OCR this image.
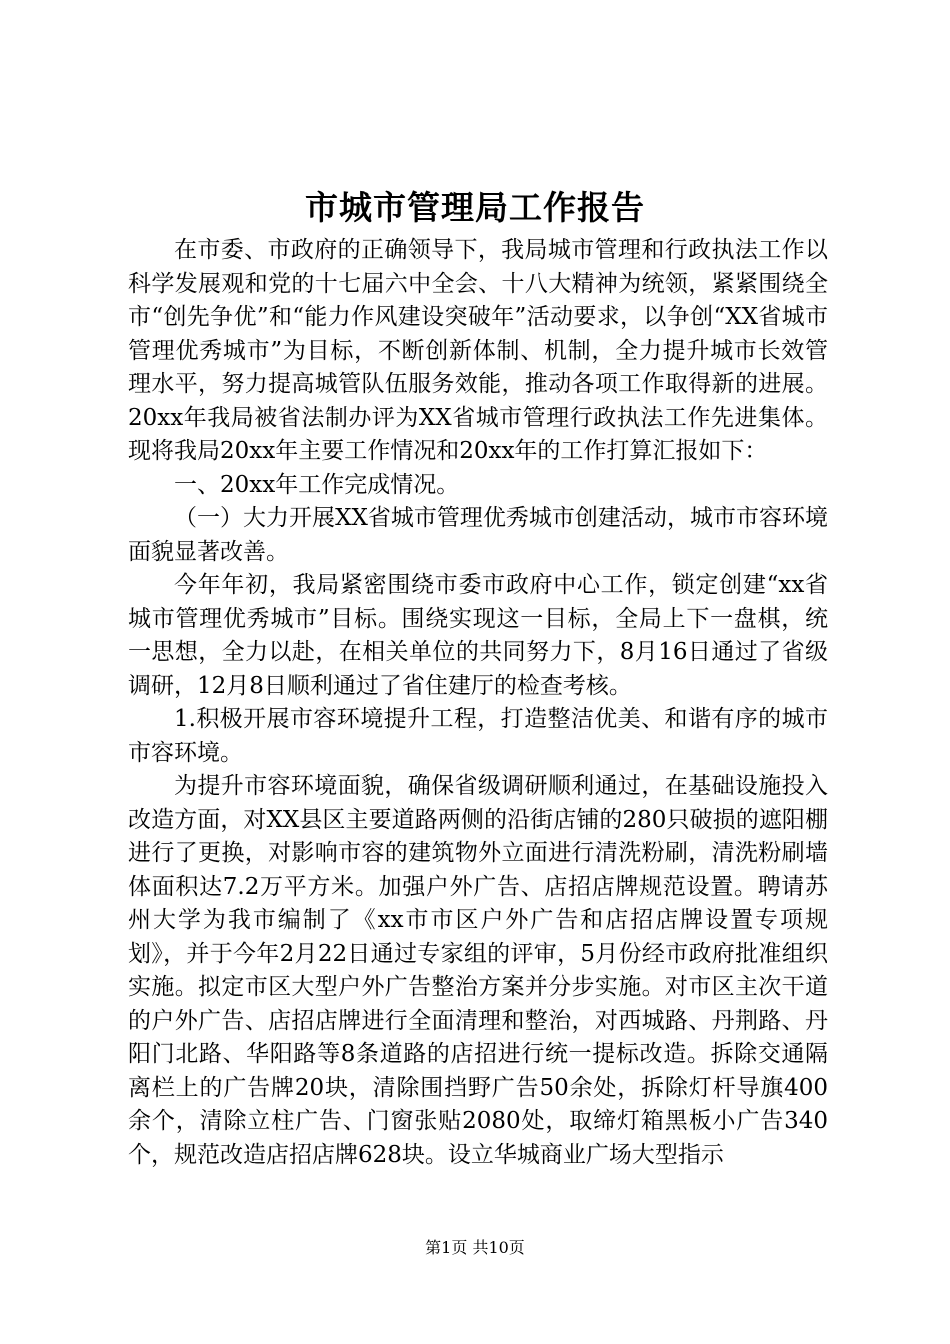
市城市管理局工作报告

在市委、市政府的正确领导下，我局城市管理和行政执法工作以科学发展观和党的十七届六中全会、十八大精神为统领，紧紧围绕全市“创先争优”和“能力作风建设突破年”活动要求，以争创“XX省城市管理优秀城市”为目标，不断创新体制、机制，全力提升城市长效管理水平，努力提高城管队伍服务效能，推动各项工作取得新的进展。20xx年我局被省法制办评为XX省城市管理行政执法工作先进集体。现将我局20xx年主要工作情况和20xx年的工作打算汇报如下：

一、20xx年工作完成情况。

（一）大力开展XX省城市管理优秀城市创建活动，城市市容环境面貌显著改善。

今年年初，我局紧密围绕市委市政府中心工作，锁定创建“xx省城市管理优秀城市”目标。围绕实现这一目标，全局上下一盘棋，统一思想，全力以赴，在相关单位的共同努力下，8月16日通过了省级调研，12月8日顺利通过了省住建厅的检查考核。

1.积极开展市容环境提升工程，打造整洁优美、和谐有序的城市市容环境。

为提升市容环境面貌，确保省级调研顺利通过，在基础设施投入改造方面，对XX县区主要道路两侧的沿街店铺的280只破损的遮阳棚进行了更换，对影响市容的建筑物外立面进行清洗粉刷，清洗粉刷墙体面积达7.2万平方米。加强户外广告、店招店牌规范设置。聘请苏州大学为我市编制了《xx市市区户外广告和店招店牌设置专项规划》，并于今年2月22日通过专家组的评审，5月份经市政府批准组织实施。拟定市区大型户外广告整治方案并分步实施。对市区主次干道的户外广告、店招店牌进行全面清理和整治，对西城路、丹荆路、丹阳门北路、华阳路等8条道路的店招进行统一提标改造。拆除交通隔离栏上的广告牌20块，清除围挡野广告50余处，拆除灯杆导旗400余个，清除立柱广告、门窗张贴2080处，取缔灯箱黑板小广告340个，规范改造店招店牌628块。设立华城商业广场大型指示

第1页 共10页
